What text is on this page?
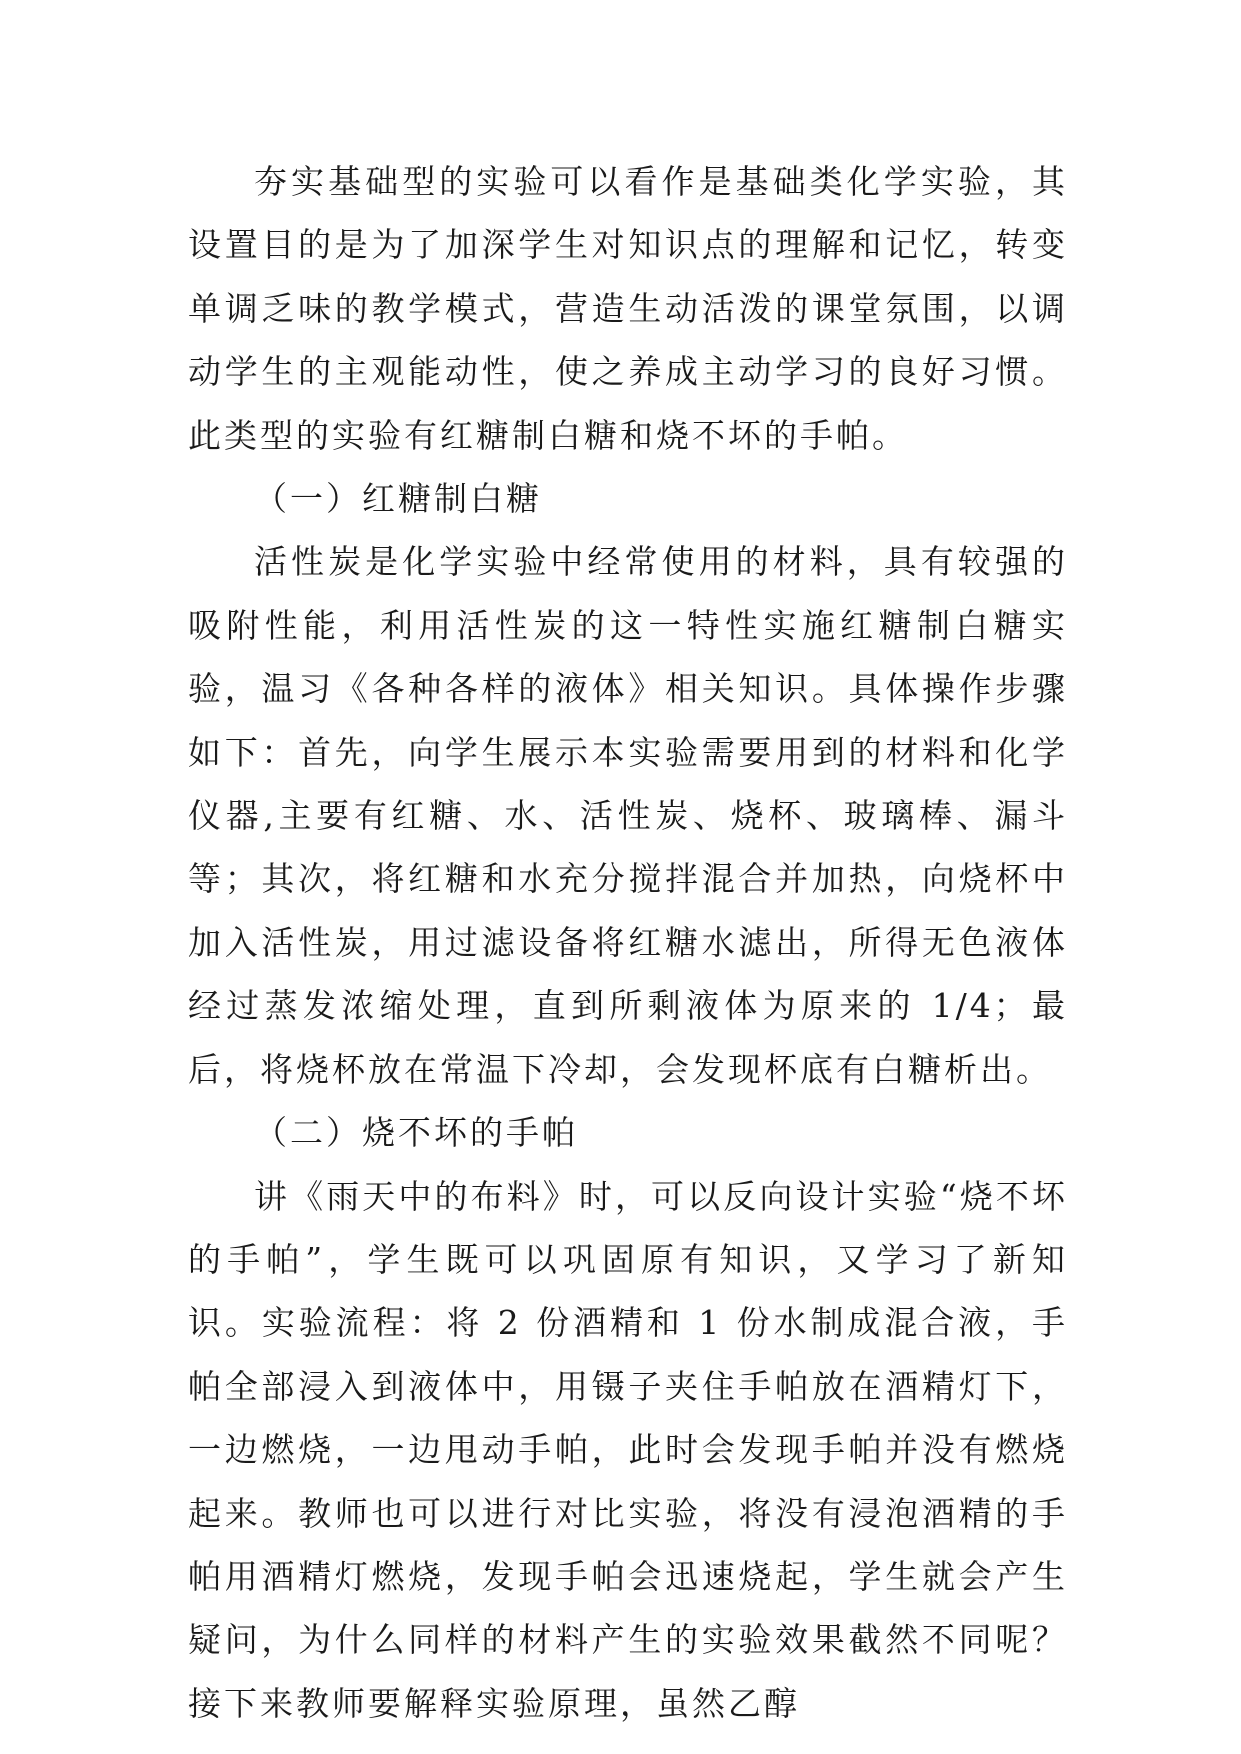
夯实基础型的实验可以看作是基础类化学实验，其设置目的是为了加深学生对知识点的理解和记忆，转变单调乏味的教学模式，营造生动活泼的课堂氛围，以调动学生的主观能动性，使之养成主动学习的良好习惯。此类型的实验有红糖制白糖和烧不坏的手帕。

（一）红糖制白糖

活性炭是化学实验中经常使用的材料，具有较强的吸附性能，利用活性炭的这一特性实施红糖制白糖实验，温习《各种各样的液体》相关知识。具体操作步骤如下：首先，向学生展示本实验需要用到的材料和化学仪器,主要有红糖、水、活性炭、烧杯、玻璃棒、漏斗等；其次，将红糖和水充分搅拌混合并加热，向烧杯中加入活性炭，用过滤设备将红糖水滤出，所得无色液体经过蒸发浓缩处理，直到所剩液体为原来的 1/4；最后，将烧杯放在常温下冷却，会发现杯底有白糖析出。

（二）烧不坏的手帕

讲《雨天中的布料》时，可以反向设计实验“烧不坏的手帕”，学生既可以巩固原有知识，又学习了新知识。实验流程：将 2 份酒精和 1 份水制成混合液，手帕全部浸入到液体中，用镊子夹住手帕放在酒精灯下，一边燃烧，一边甩动手帕，此时会发现手帕并没有燃烧起来。教师也可以进行对比实验，将没有浸泡酒精的手帕用酒精灯燃烧，发现手帕会迅速烧起，学生就会产生疑问，为什么同样的材料产生的实验效果截然不同呢？接下来教师要解释实验原理，虽然乙醇
